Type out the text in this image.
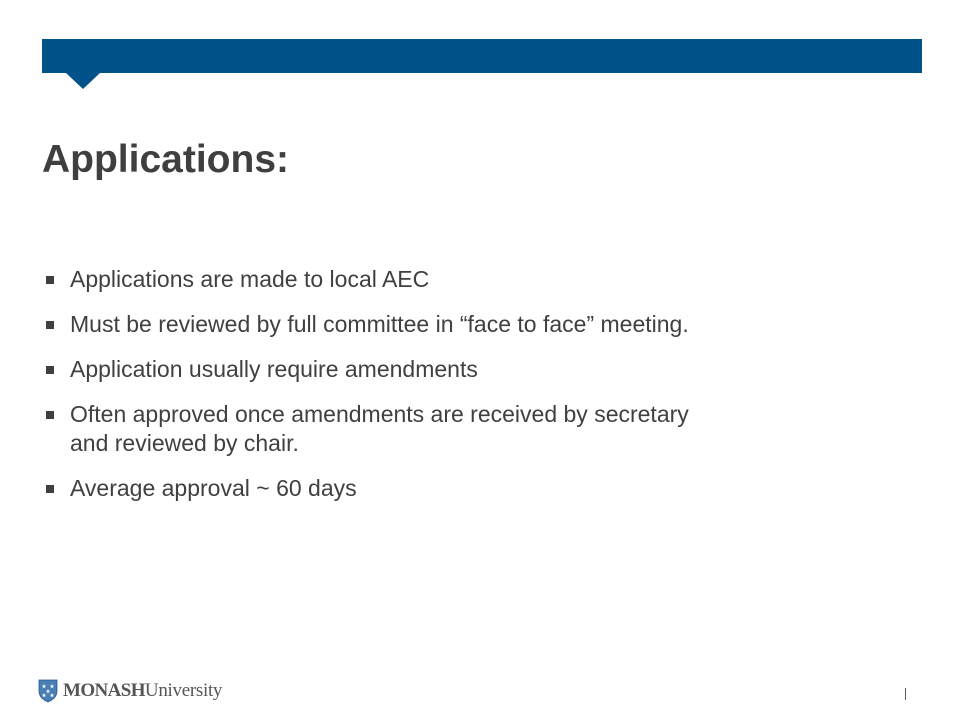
Applications:
Applications are made to local AEC
Must be reviewed by full committee in “face to face” meeting.
Application usually require amendments
Often approved once amendments are received by secretary
and reviewed by chair.
Average approval ~ 60 days
MONASHUniversity
